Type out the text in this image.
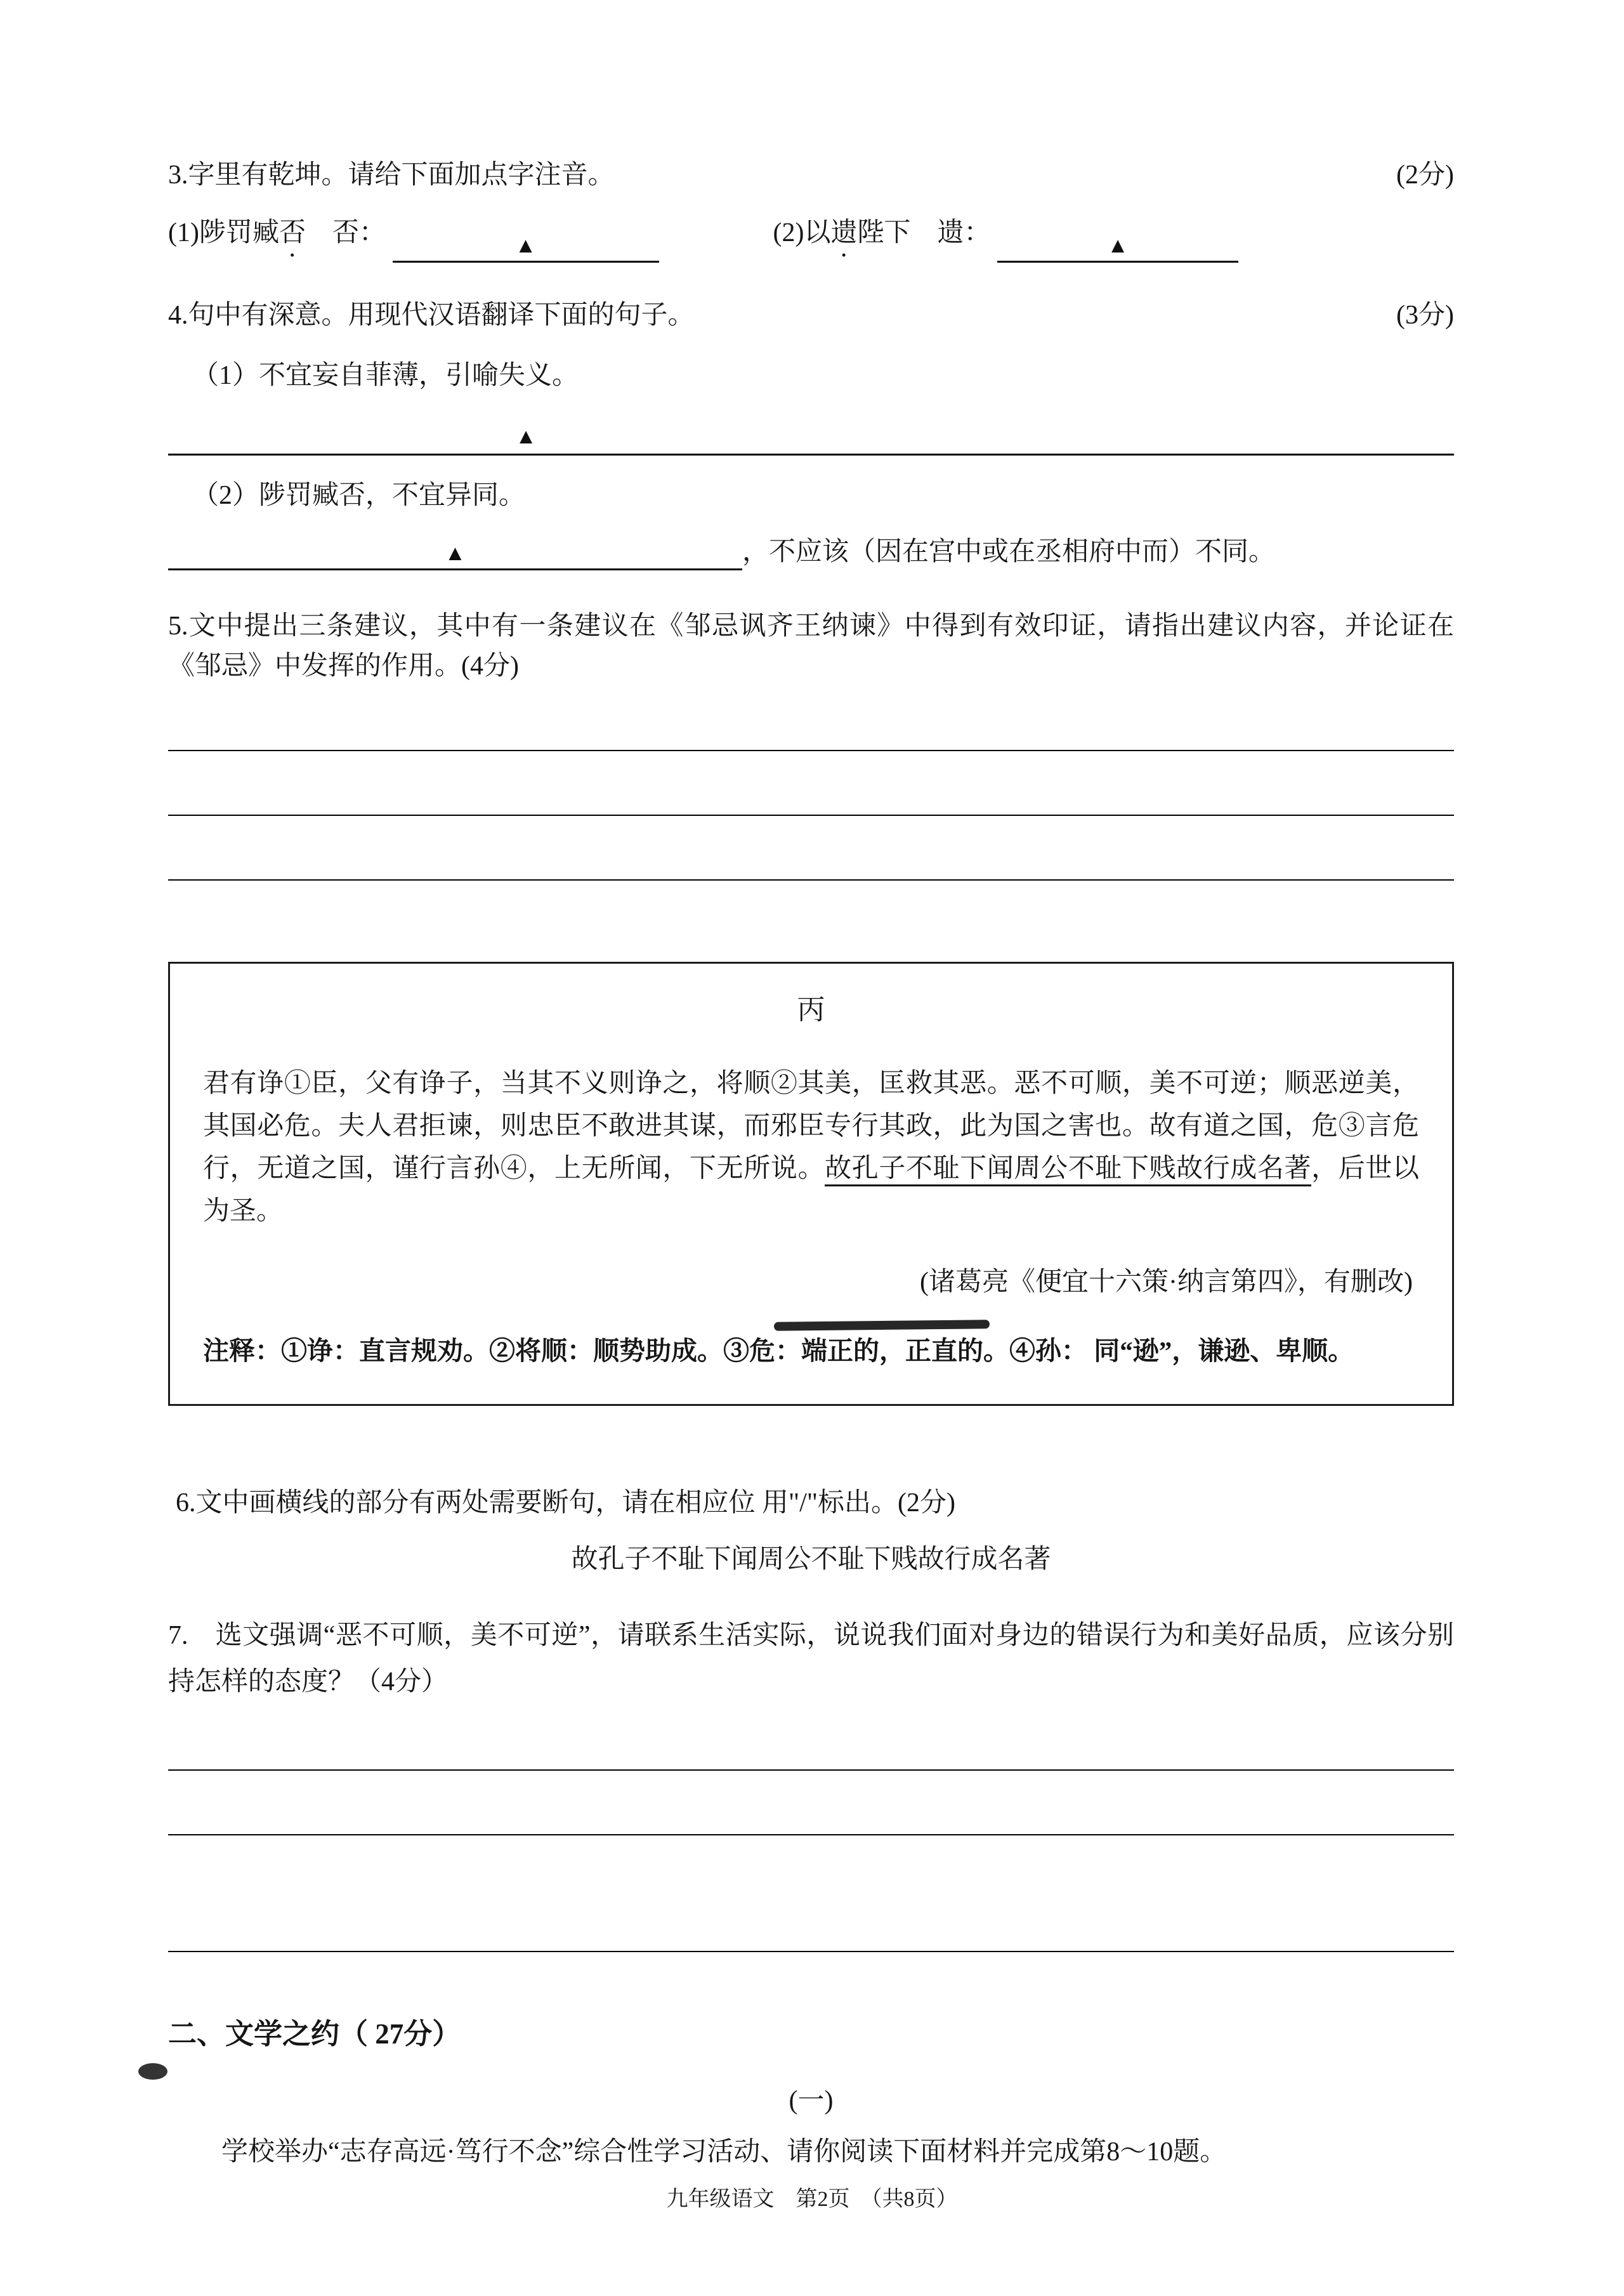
3.字里有乾坤。请给下面加点字注音。	(2分)
(1)陟罚臧否　否：	▲	(2)以遗陛下　遗：	▲
4.句中有深意。用现代汉语翻译下面的句子。	(3分)
（1）不宜妄自菲薄，引喻失义。
▲
（2）陟罚臧否，不宜异同。
▲	，不应该（因在宫中或在丞相府中而）不同。
5.文中提出三条建议，其中有一条建议在《邹忌讽齐王纳谏》中得到有效印证，请指出建议内容，并论证在《邹忌》中发挥的作用。(4分)
丙
君有诤①臣，父有诤子，当其不义则诤之，将顺②其美，匡救其恶。恶不可顺，美不可逆；顺恶逆美，其国必危。夫人君拒谏，则忠臣不敢进其谋，而邪臣专行其政，此为国之害也。故有道之国，危③言危行，无道之国，谨行言孙④，上无所闻，下无所说。故孔子不耻下闻周公不耻下贱故行成名著，后世以为圣。
(诸葛亮《便宜十六策·纳言第四》，有删改)
注释：①诤：直言规劝。②将顺：顺势助成。③危：端正的，正直的。④孙： 同“逊”，谦逊、卑顺。
6.文中画横线的部分有两处需要断句，请在相应位 用"/"标出。(2分)
故孔子不耻下闻周公不耻下贱故行成名著
7.　选文强调“恶不可顺，美不可逆”，请联系生活实际，说说我们面对身边的错误行为和美好品质，应该分别持怎样的态度？（4分）
二、文学之约（ 27分）
(一)
学校举办“志存高远·笃行不念”综合性学习活动、请你阅读下面材料并完成第8～10题。
九年级语文　第2页　（共8页）
